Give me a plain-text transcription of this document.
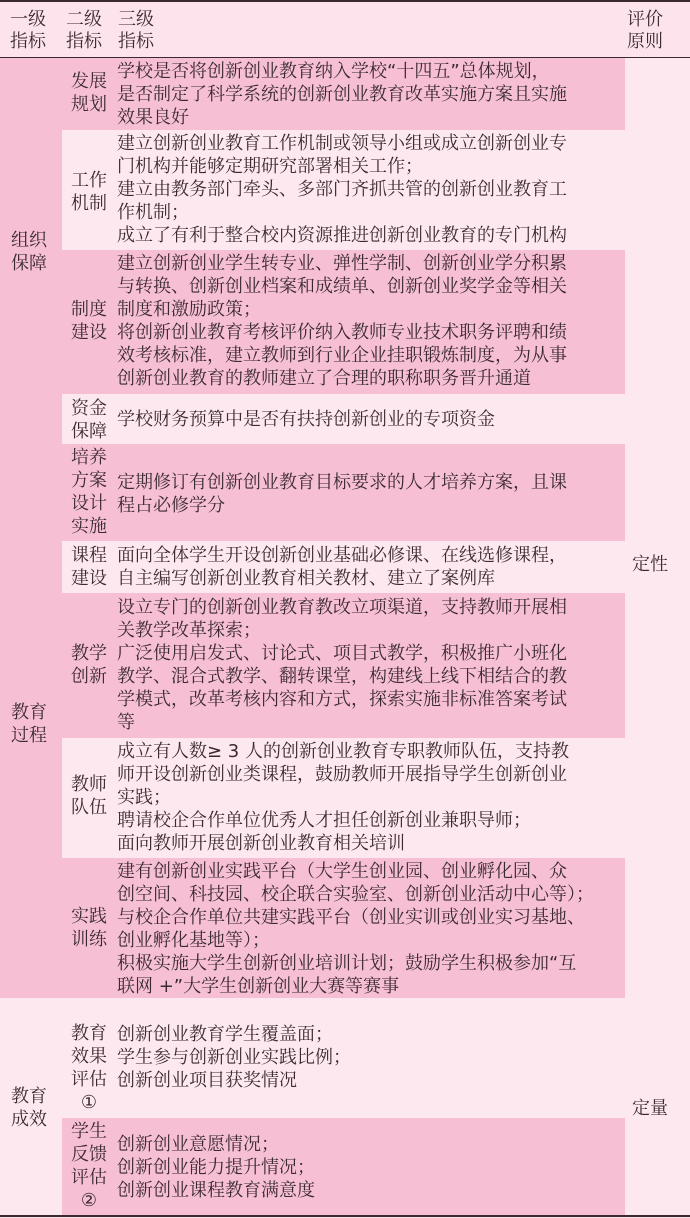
一级
指标
二级
指标
三级
指标
评价
原则
组织保障
教育过程
教育成效
定性
定量
发展
规划

学校是否将创新创业教育纳入学校“十四五”总体规划，

是否制定了科学系统的创新创业教育改革实施方案且实施

效果良好

工作
机制

建立创新创业教育工作机制或领导小组或成立创新创业专

门机构并能够定期研究部署相关工作；

建立由教务部门牵头、多部门齐抓共管的创新创业教育工

作机制；

成立了有利于整合校内资源推进创新创业教育的专门机构

制度
建设

建立创新创业学生转专业、弹性学制、创新创业学分积累

与转换、创新创业档案和成绩单、创新创业奖学金等相关

制度和激励政策；

将创新创业教育考核评价纳入教师专业技术职务评聘和绩

效考核标准，建立教师到行业企业挂职锻炼制度，为从事

创新创业教育的教师建立了合理的职称职务晋升通道

资金
保障

学校财务预算中是否有扶持创新创业的专项资金

培养
方案
设计
实施

定期修订有创新创业教育目标要求的人才培养方案，且课

程占必修学分

课程
建设

面向全体学生开设创新创业基础必修课、在线选修课程，

自主编写创新创业教育相关教材、建立了案例库

教学
创新

设立专门的创新创业教育教改立项渠道，支持教师开展相

关教学改革探索；

广泛使用启发式、讨论式、项目式教学，积极推广小班化

教学、混合式教学、翻转课堂，构建线上线下相结合的教

学模式，改革考核内容和方式，探索实施非标准答案考试

等

教师
队伍

成立有人数≥ 3 人的创新创业教育专职教师队伍，支持教

师开设创新创业类课程，鼓励教师开展指导学生创新创业

实践；

聘请校企合作单位优秀人才担任创新创业兼职导师；

面向教师开展创新创业教育相关培训

实践
训练

建有创新创业实践平台（大学生创业园、创业孵化园、众

创空间、科技园、校企联合实验室、创新创业活动中心等）；

与校企合作单位共建实践平台（创业实训或创业实习基地、

创业孵化基地等）；

积极实施大学生创新创业培训计划；鼓励学生积极参加“互

联网 +”大学生创新创业大赛等赛事

教育
效果
评估
①

创新创业教育学生覆盖面；

学生参与创新创业实践比例；

创新创业项目获奖情况

学生
反馈
评估
②

创新创业意愿情况；

创新创业能力提升情况；

创新创业课程教育满意度
